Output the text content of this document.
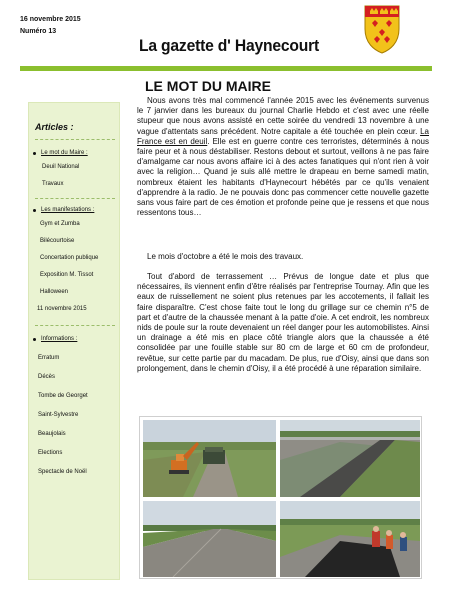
16 novembre 2015
Numéro 13
La gazette d' Haynecourt
Articles :
Le mot du Maire :
Deuil National
Travaux
Les manifestations :
Gym et Zumba
Bilécourtoise
Concertation publique
Exposition M. Tissot
Halloween
11 novembre 2015
Informations :
Erratum
Décès
Tombe de Georget
Saint-Sylvestre
Beaujolais
Elections
Spectacle de Noël
LE MOT DU MAIRE

Nous avons très mal commencé l'année 2015 avec les événements survenus le 7 janvier dans les bureaux du journal Charlie Hebdo et c'est avec une réelle stupeur que nous avons assisté en cette soirée du vendredi 13 novembre à une vague d'attentats sans précédent. Notre capitale a été touchée en plein cœur. La France est en deuil. Elle est en guerre contre ces terroristes, déterminés à nous faire peur et à nous déstabiliser. Restons debout et surtout, veillons à ne pas faire d'amalgame car nous avons affaire ici à des actes fanatiques qui n'ont rien à voir avec la religion… Quand je suis allé mettre le drapeau en berne samedi matin, nombreux étaient les habitants d'Haynecourt hébétés par ce qu'ils venaient d'apprendre à la radio. Je ne pouvais donc pas commencer cette nouvelle gazette sans vous faire part de ces émotion et profonde peine que je ressens et que nous ressentons tous…

Le mois d'octobre a été le mois des travaux.

Tout d'abord de terrassement … Prévus de longue date et plus que nécessaires, ils viennent enfin d'être réalisés par l'entreprise Tournay. Afin que les eaux de ruissellement ne soient plus retenues par les accotements, il fallait les faire disparaître. C'est chose faite tout le long du grillage sur ce chemin n°5 de part et d'autre de la chaussée menant à la patte d'oie. A cet endroit, les nombreux nids de poule sur la route devenaient un réel danger pour les automobilistes. Ainsi un drainage a été mis en place côté triangle alors que la chaussée a été consolidée par une fouille stable sur 80 cm de large et 60 cm de profondeur, revêtue, sur cette partie par du macadam. De plus, rue d'Oisy, ainsi que dans son prolongement, dans le chemin d'Oisy, il a été procédé à une réparation similaire.
